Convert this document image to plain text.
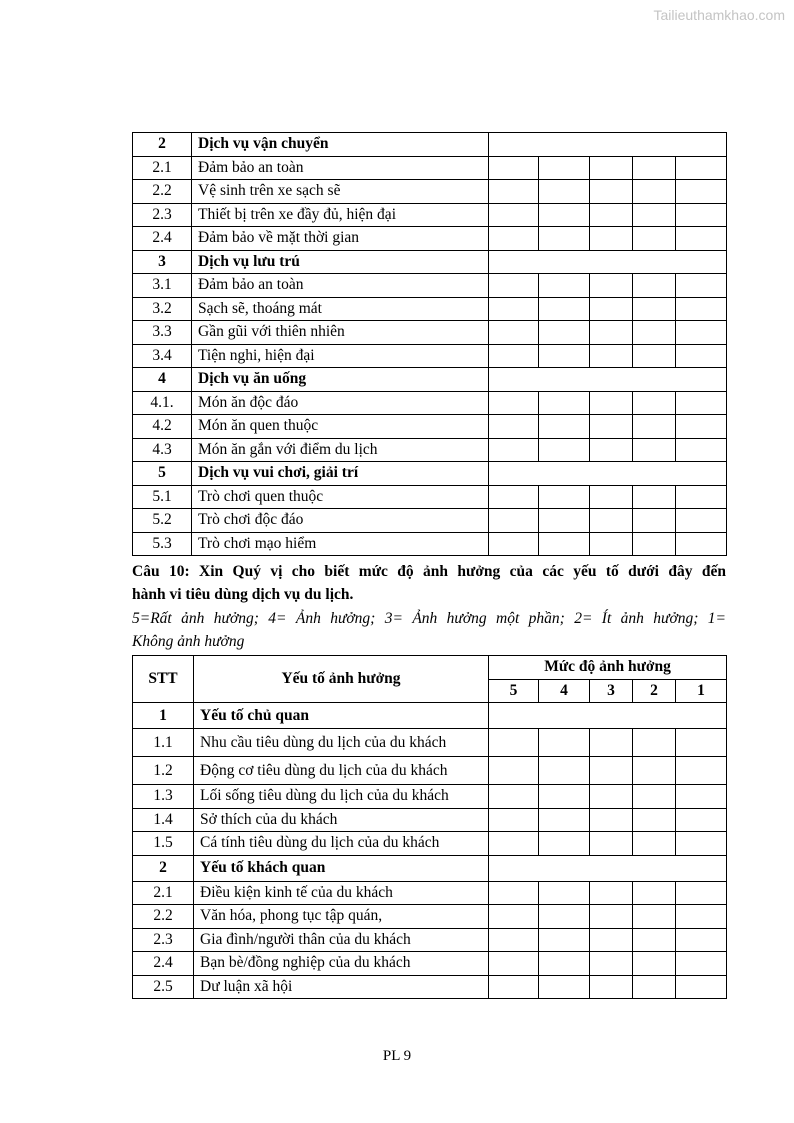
Tailieuthamkhao.com
2	Dịch vụ vận chuyển					
2.1	Đảm bảo an toàn					
2.2	Vệ sinh trên xe sạch sẽ					
2.3	Thiết bị trên xe đầy đủ, hiện đại					
2.4	Đảm bảo về mặt thời gian					
3	Dịch vụ lưu trú					
3.1	Đảm bảo an toàn					
3.2	Sạch sẽ, thoáng mát					
3.3	Gần gũi với thiên nhiên					
3.4	Tiện nghi, hiện đại					
4	Dịch vụ ăn uống					
4.1.	Món ăn độc đáo					
4.2	Món ăn quen thuộc					
4.3	Món ăn gắn với điểm du lịch					
5	Dịch vụ vui chơi, giải trí					
5.1	Trò chơi quen thuộc					
5.2	Trò chơi độc đáo					
5.3	Trò chơi mạo hiểm					
Câu 10: Xin Quý vị cho biết mức độ ảnh hưởng của các yếu tố dưới đây đến
hành vi tiêu dùng dịch vụ du lịch.
5=Rất ảnh hưởng; 4= Ảnh hưởng; 3= Ảnh hưởng một phần; 2= Ít ảnh hưởng; 1=
Không ảnh hưởng
STT	Yếu tố ảnh hưởng	Mức độ ảnh hưởng				
		5	4	3	2	1
1	Yếu tố chủ quan					
1.1	Nhu cầu tiêu dùng du lịch của du khách					
1.2	Động cơ tiêu dùng du lịch của du khách					
1.3	Lối sống tiêu dùng du lịch của du khách					
1.4	Sở thích của du khách					
1.5	Cá tính tiêu dùng du lịch của du khách					
2	Yếu tố khách quan					
2.1	Điều kiện kinh tế của du khách					
2.2	Văn hóa, phong tục tập quán,					
2.3	Gia đình/người thân của du khách					
2.4	Bạn bè/đồng nghiệp của du khách					
2.5	Dư luận xã hội					
PL 9
